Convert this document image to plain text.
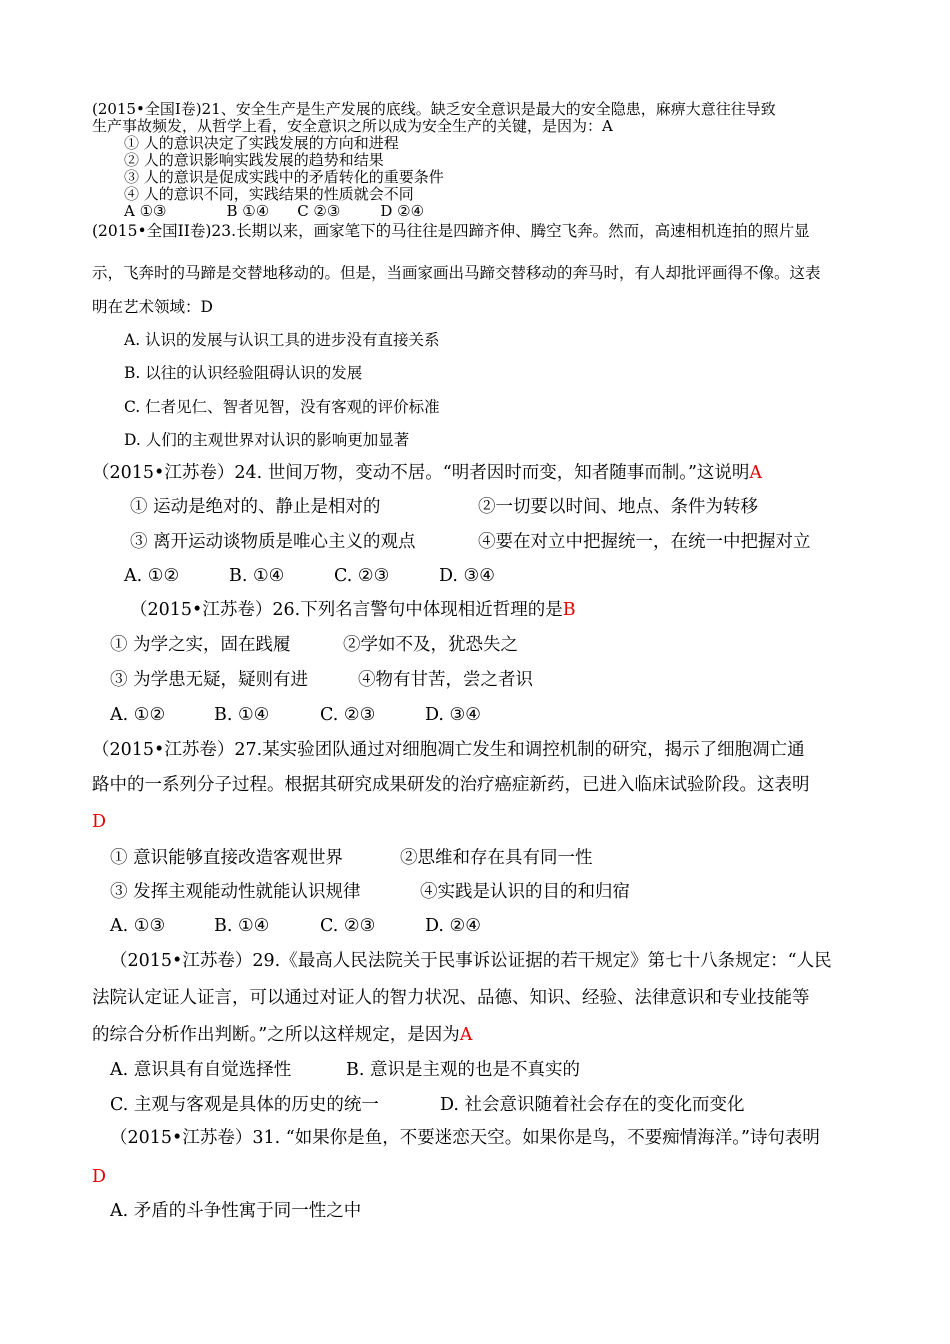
(2015•全国Ⅰ卷)21、安全生产是生产发展的底线。缺乏安全意识是最大的安全隐患，麻痹大意往往导致
生产事故频发，从哲学上看，安全意识之所以成为安全生产的关键，是因为：A
① 人的意识决定了实践发展的方向和进程
② 人的意识影响实践发展的趋势和结果
③ 人的意识是促成实践中的矛盾转化的重要条件
④ 人的意识不同，实践结果的性质就会不同
A ①③	B ①④ C ②③	D ②④
(2015•全国II卷)23.长期以来，画家笔下的马往往是四蹄齐伸、腾空飞奔。然而，高速相机连拍的照片显
示，飞奔时的马蹄是交替地移动的。但是，当画家画出马蹄交替移动的奔马时，有人却批评画得不像。这表
明在艺术领域：D
A. 认识的发展与认识工具的进步没有直接关系
B. 以往的认识经验阻碍认识的发展
C. 仁者见仁、智者见智，没有客观的评价标准
D. 人们的主观世界对认识的影响更加显著
（2015•江苏卷）24. 世间万物，变动不居。“明者因时而变，知者随事而制。”这说明A
① 运动是绝对的、静止是相对的	②一切要以时间、地点、条件为转移
③ 离开运动谈物质是唯心主义的观点	④要在对立中把握统一，在统一中把握对立
A. ①②	B. ①④	C. ②③	D. ③④
（2015•江苏卷）26.下列名言警句中体现相近哲理的是B
① 为学之实，固在践履	②学如不及，犹恐失之
③ 为学患无疑，疑则有进	④物有甘苦，尝之者识
A. ①②	B. ①④	C. ②③	D. ③④
（2015•江苏卷）27.某实验团队通过对细胞凋亡发生和调控机制的研究，揭示了细胞凋亡通
路中的一系列分子过程。根据其研究成果研发的治疗癌症新药，已进入临床试验阶段。这表明
D
① 意识能够直接改造客观世界	②思维和存在具有同一性
③ 发挥主观能动性就能认识规律	④实践是认识的目的和归宿
A. ①③	B. ①④	C. ②③	D. ②④
（2015•江苏卷）29.《最高人民法院关于民事诉讼证据的若干规定》第七十八条规定：“人民
法院认定证人证言，可以通过对证人的智力状况、品德、知识、经验、法律意识和专业技能等
的综合分析作出判断。”之所以这样规定，是因为A
A. 意识具有自觉选择性	B. 意识是主观的也是不真实的
C. 主观与客观是具体的历史的统一	D. 社会意识随着社会存在的变化而变化
（2015•江苏卷）31. “如果你是鱼，不要迷恋天空。如果你是鸟，不要痴情海洋。”诗句表明
D
A. 矛盾的斗争性寓于同一性之中
